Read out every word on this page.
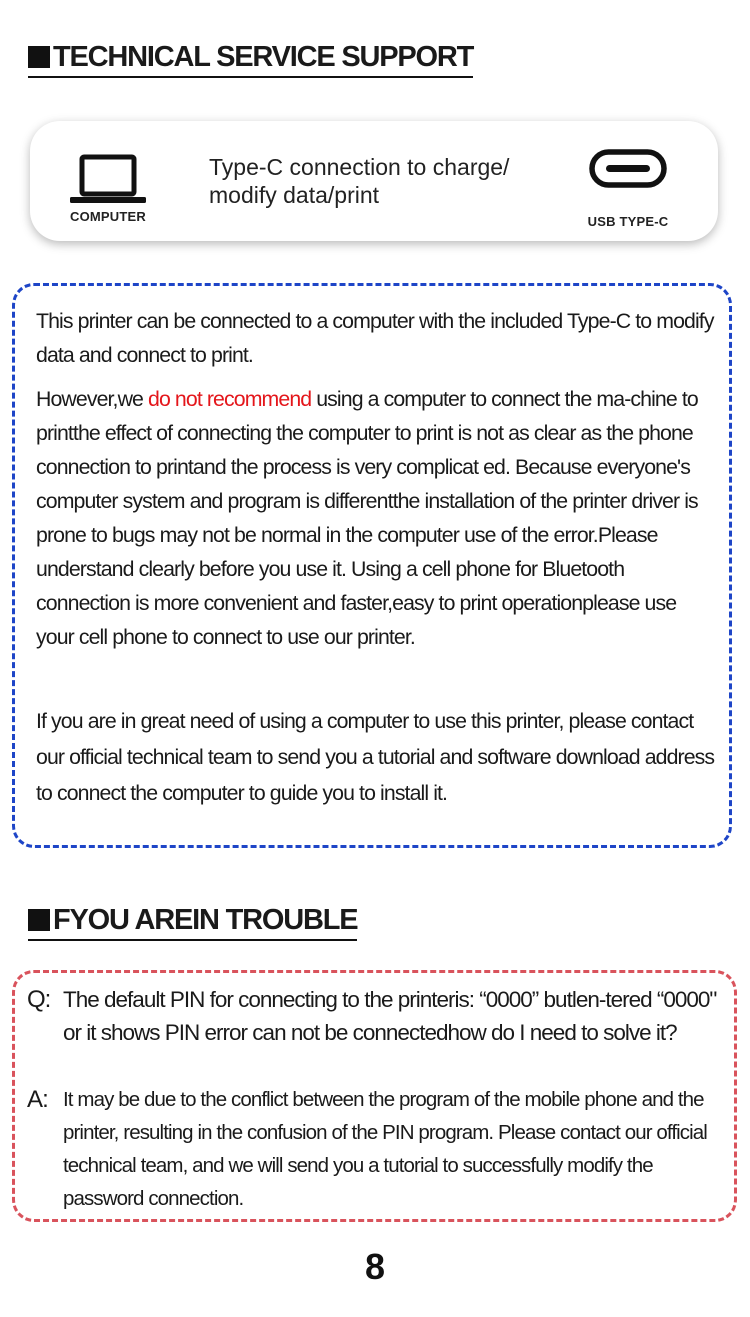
TECHNICAL SERVICE SUPPORT
COMPUTER
Type-C connection to charge/ modify data/print
USB TYPE-C

This printer can be connected to a computer with the included Type-C to modify data and connect to print.

However,we do not recommend using a computer to connect the ma-chine to printthe effect of connecting the computer to print is not as clear as the phone connection to printand the process is very complicat ed. Because everyone's computer system and program is differentthe installation of the printer driver is prone to bugs may not be normal in the computer use of the error.Please understand clearly before you use it. Using a cell phone for Bluetooth connection is more convenient and faster,easy to print operationplease use your cell phone to connect to use our printer.

If you are in great need of using a computer to use this printer, please contact our official technical team to send you a tutorial and software download address to connect the computer to guide you to install it.

FYOU AREIN TROUBLE
Q: The default PIN for connecting to the printeris: “0000” butlen-tered “0000" or it shows PIN error can not be connectedhow do I need to solve it?
A: It may be due to the conflict between the program of the mobile phone and the printer, resulting in the confusion of the PIN program. Please contact our official technical team, and we will send you a tutorial to successfully modify the password connection.
8
